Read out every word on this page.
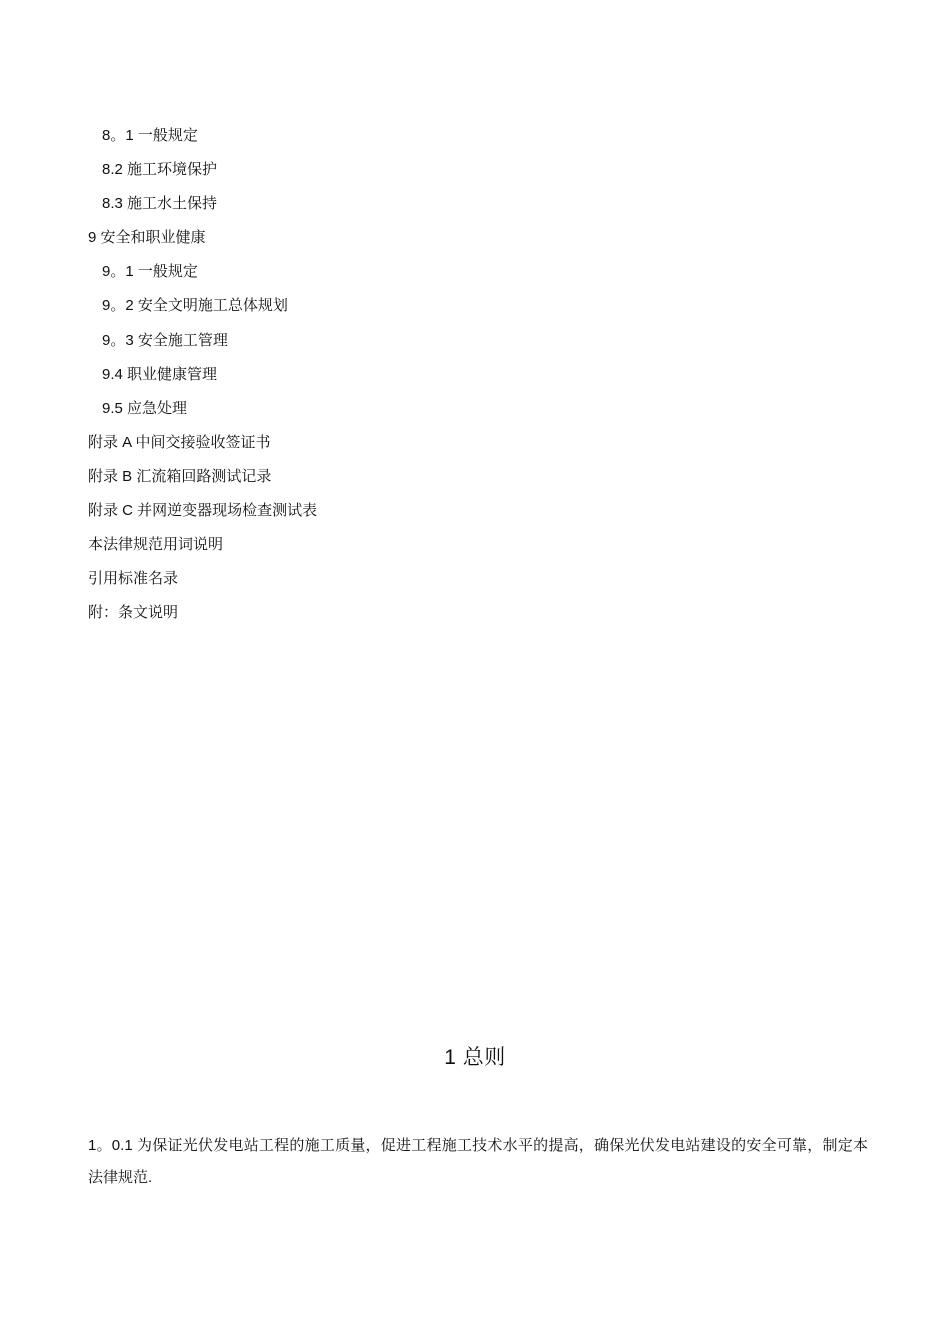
8。1 一般规定
8.2 施工环境保护
8.3 施工水土保持
9 安全和职业健康
9。1 一般规定
9。2 安全文明施工总体规划
9。3 安全施工管理
9.4 职业健康管理
9.5 应急处理
附录 A 中间交接验收签证书
附录 B 汇流箱回路测试记录
附录 C 并网逆变器现场检查测试表
本法律规范用词说明
引用标准名录
附：条文说明
1 总则

1。0.1 为保证光伏发电站工程的施工质量，促进工程施工技术水平的提高，确保光伏发电站建设的安全可靠，制定本法律规范.
